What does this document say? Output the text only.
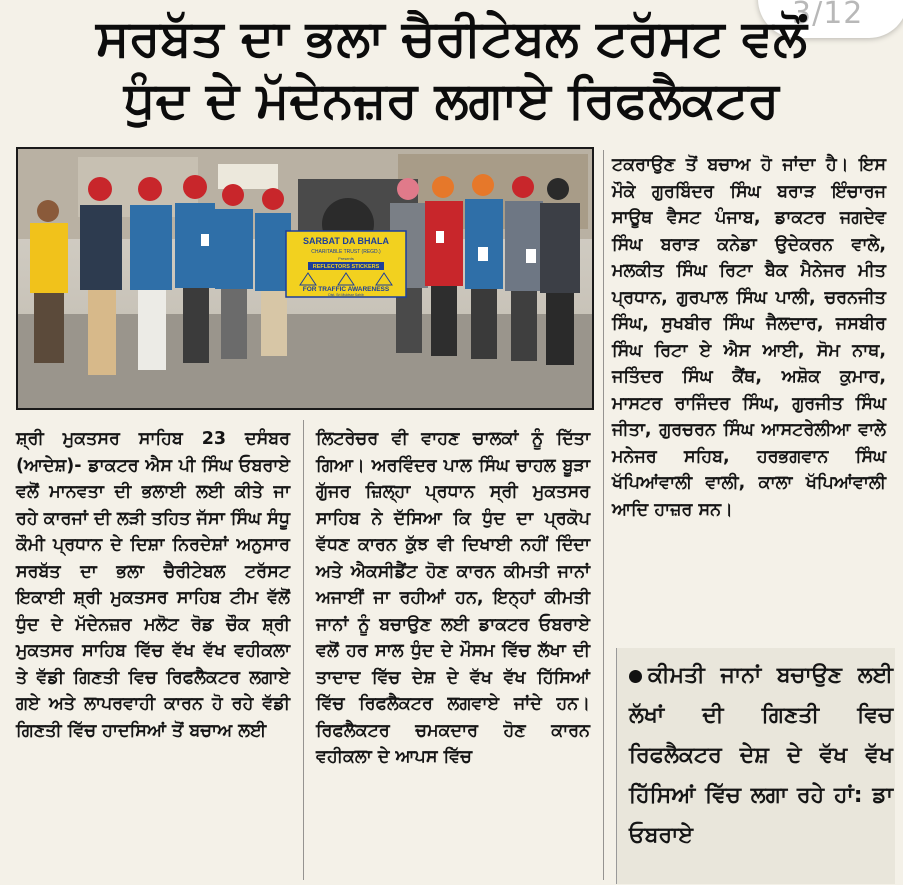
3/12
ਸਰਬੱਤ ਦਾ ਭਲਾ ਚੈਰੀਟੇਬਲ ਟਰੱਸਟ ਵਲੋਂ
ਧੁੰਦ ਦੇ ਮੱਦੇਨਜ਼ਰ ਲਗਾਏ ਰਿਫਲੈਕਟਰ
SARBAT DA BHALA
CHARITABLE TRUST (REGD.)
Presents
REFLECTORS STICKERS
FOR TRAFFIC AWARENESS
Dist. Sri Muktsar Sahib
ਸ਼੍ਰੀ ਮੁਕਤਸਰ ਸਾਹਿਬ 23 ਦਸੰਬਰ (ਆਦੇਸ਼)- ਡਾਕਟਰ ਐਸ ਪੀ ਸਿੰਘ ਓਬਰਾਏ ਵਲੋਂ ਮਾਨਵਤਾ ਦੀ ਭਲਾਈ ਲਈ ਕੀਤੇ ਜਾ ਰਹੇ ਕਾਰਜਾਂ ਦੀ ਲੜੀ ਤਹਿਤ ਜੱਸਾ ਸਿੰਘ ਸੰਧੂ ਕੌਮੀ ਪ੍ਰਧਾਨ ਦੇ ਦਿਸ਼ਾ ਨਿਰਦੇਸ਼ਾਂ ਅਨੁਸਾਰ ਸਰਬੱਤ ਦਾ ਭਲਾ ਚੈਰੀਟੇਬਲ ਟਰੱਸਟ ਇਕਾਈ ਸ਼੍ਰੀ ਮੁਕਤਸਰ ਸਾਹਿਬ ਟੀਮ ਵੱਲੋਂ ਧੁੰਦ ਦੇ ਮੱਦੇਨਜ਼ਰ ਮਲੋਟ ਰੋਡ ਚੌਕ ਸ਼੍ਰੀ ਮੁਕਤਸਰ ਸਾਹਿਬ ਵਿੱਚ ਵੱਖ ਵੱਖ ਵਹੀਕਲਾ ਤੇ ਵੱਡੀ ਗਿਣਤੀ ਵਿਚ ਰਿਫਲੈਕਟਰ ਲਗਾਏ ਗਏ ਅਤੇ ਲਾਪਰਵਾਹੀ ਕਾਰਨ ਹੋ ਰਹੇ ਵੱਡੀ ਗਿਣਤੀ ਵਿੱਚ ਹਾਦਸਿਆਂ ਤੋਂ ਬਚਾਅ ਲਈ
ਲਿਟਰੇਚਰ ਵੀ ਵਾਹਣ ਚਾਲਕਾਂ ਨੂੰ ਦਿੱਤਾ ਗਿਆ। ਅਰਵਿੰਦਰ ਪਾਲ ਸਿੰਘ ਚਾਹਲ ਬੂੜਾ ਗੁੱਜਰ ਜ਼ਿਲ੍ਹਾ ਪ੍ਰਧਾਨ ਸ੍ਰੀ ਮੁਕਤਸਰ ਸਾਹਿਬ ਨੇ ਦੱਸਿਆ ਕਿ ਧੁੰਦ ਦਾ ਪ੍ਰਕੋਪ ਵੱਧਣ ਕਾਰਨ ਕੁੱਝ ਵੀ ਦਿਖਾਈ ਨਹੀਂ ਦਿੰਦਾ ਅਤੇ ਐਕਸੀਡੈਂਟ ਹੋਣ ਕਾਰਨ ਕੀਮਤੀ ਜਾਨਾਂ ਅਜਾਈਂ ਜਾ ਰਹੀਆਂ ਹਨ, ਇਨ੍ਹਾਂ ਕੀਮਤੀ ਜਾਨਾਂ ਨੂੰ ਬਚਾਉਣ ਲਈ ਡਾਕਟਰ ਓਬਰਾਏ ਵਲੋਂ ਹਰ ਸਾਲ ਧੁੰਦ ਦੇ ਮੌਸਮ ਵਿੱਚ ਲੱਖਾ ਦੀ ਤਾਦਾਦ ਵਿੱਚ ਦੇਸ਼ ਦੇ ਵੱਖ ਵੱਖ ਹਿੱਸਿਆਂ ਵਿੱਚ ਰਿਫਲੈਕਟਰ ਲਗਵਾਏ ਜਾਂਦੇ ਹਨ। ਰਿਫਲੈਕਟਰ ਚਮਕਦਾਰ ਹੋਣ ਕਾਰਨ ਵਹੀਕਲਾ ਦੇ ਆਪਸ ਵਿੱਚ
ਟਕਰਾਉਣ ਤੋਂ ਬਚਾਅ ਹੋ ਜਾਂਦਾ ਹੈ। ਇਸ ਮੌਕੇ ਗੁਰਬਿੰਦਰ ਸਿੰਘ ਬਰਾੜ ਇੰਚਾਰਜ ਸਾਊਥ ਵੈਸਟ ਪੰਜਾਬ, ਡਾਕਟਰ ਜਗਦੇਵ ਸਿੰਘ ਬਰਾੜ ਕਨੇਡਾ ਉਦੇਕਰਨ ਵਾਲੇ, ਮਲਕੀਤ ਸਿੰਘ ਰਿਟਾ ਬੈਕ ਮੈਨੇਜਰ ਮੀਤ ਪ੍ਰਧਾਨ, ਗੁਰਪਾਲ ਸਿੰਘ ਪਾਲੀ, ਚਰਨਜੀਤ ਸਿੰਘ, ਸੁਖਬੀਰ ਸਿੰਘ ਜੈਲਦਾਰ, ਜਸਬੀਰ ਸਿੰਘ ਰਿਟਾ ਏ ਐਸ ਆਈ, ਸੋਮ ਨਾਥ, ਜਤਿੰਦਰ ਸਿੰਘ ਕੈਂਥ, ਅਸ਼ੋਕ ਕੁਮਾਰ, ਮਾਸਟਰ ਰਾਜਿੰਦਰ ਸਿੰਘ, ਗੁਰਜੀਤ ਸਿੰਘ ਜੀਤਾ, ਗੁਰਚਰਨ ਸਿੰਘ ਆਸਟਰੇਲੀਆ ਵਾਲੇ ਮਨੇਜਰ ਸਹਿਬ, ਹਰਭਗਵਾਨ ਸਿੰਘ ਖੱਪਿਆਂਵਾਲੀ ਵਾਲੀ, ਕਾਲਾ ਖੱਪਿਆਂਵਾਲੀ ਆਦਿ ਹਾਜ਼ਰ ਸਨ।
ਕੀਮਤੀ ਜਾਨਾਂ ਬਚਾਉਣ ਲਈ ਲੱਖਾਂ ਦੀ ਗਿਣਤੀ ਵਿਚ ਰਿਫਲੈਕਟਰ ਦੇਸ਼ ਦੇ ਵੱਖ ਵੱਖ ਹਿੱਸਿਆਂ ਵਿੱਚ ਲਗਾ ਰਹੇ ਹਾਂ: ਡਾ ਓਬਰਾਏ
